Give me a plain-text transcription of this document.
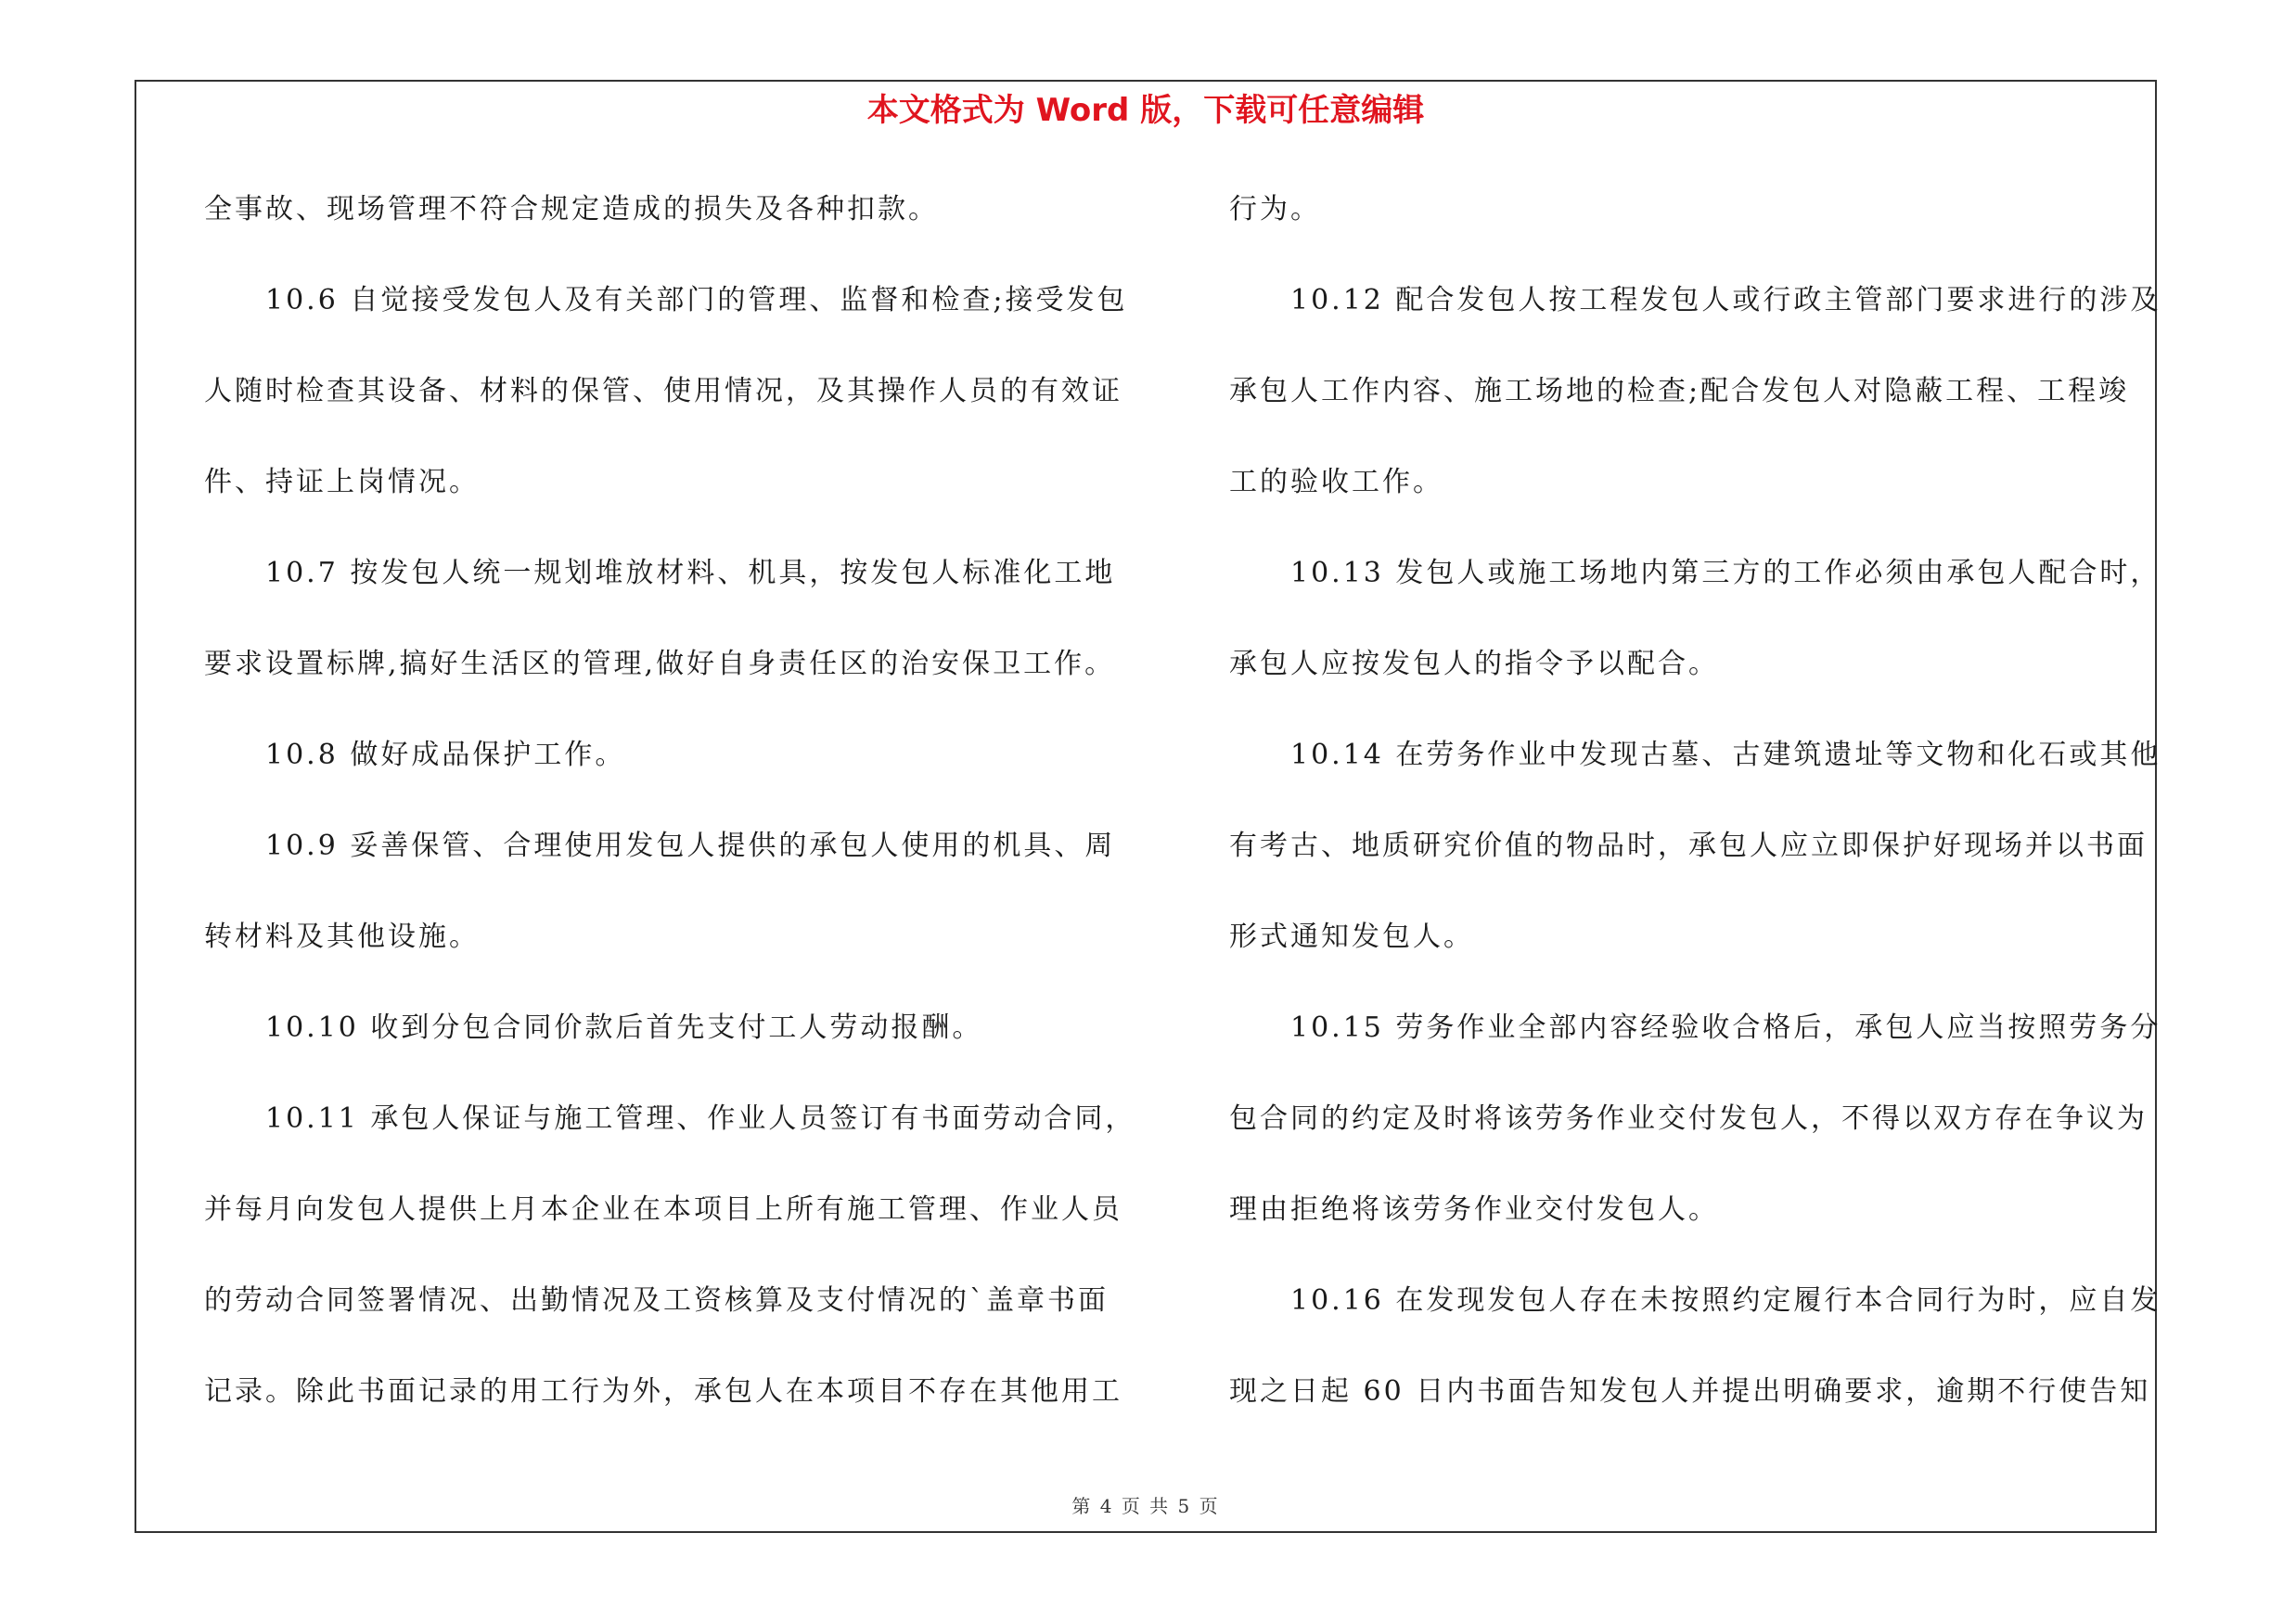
本文格式为 Word 版，下载可任意编辑
全事故、现场管理不符合规定造成的损失及各种扣款。
10.6 自觉接受发包人及有关部门的管理、监督和检查;接受发包
人随时检查其设备、材料的保管、使用情况，及其操作人员的有效证
件、持证上岗情况。
10.7 按发包人统一规划堆放材料、机具，按发包人标准化工地
要求设置标牌,搞好生活区的管理,做好自身责任区的治安保卫工作。
10.8 做好成品保护工作。
10.9 妥善保管、合理使用发包人提供的承包人使用的机具、周
转材料及其他设施。
10.10 收到分包合同价款后首先支付工人劳动报酬。
10.11 承包人保证与施工管理、作业人员签订有书面劳动合同，
并每月向发包人提供上月本企业在本项目上所有施工管理、作业人员
的劳动合同签署情况、出勤情况及工资核算及支付情况的`盖章书面
记录。除此书面记录的用工行为外，承包人在本项目不存在其他用工
行为。
10.12 配合发包人按工程发包人或行政主管部门要求进行的涉及
承包人工作内容、施工场地的检查;配合发包人对隐蔽工程、工程竣
工的验收工作。
10.13 发包人或施工场地内第三方的工作必须由承包人配合时，
承包人应按发包人的指令予以配合。
10.14 在劳务作业中发现古墓、古建筑遗址等文物和化石或其他
有考古、地质研究价值的物品时，承包人应立即保护好现场并以书面
形式通知发包人。
10.15 劳务作业全部内容经验收合格后，承包人应当按照劳务分
包合同的约定及时将该劳务作业交付发包人，不得以双方存在争议为
理由拒绝将该劳务作业交付发包人。
10.16 在发现发包人存在未按照约定履行本合同行为时，应自发
现之日起 60 日内书面告知发包人并提出明确要求，逾期不行使告知
第 4 页 共 5 页
